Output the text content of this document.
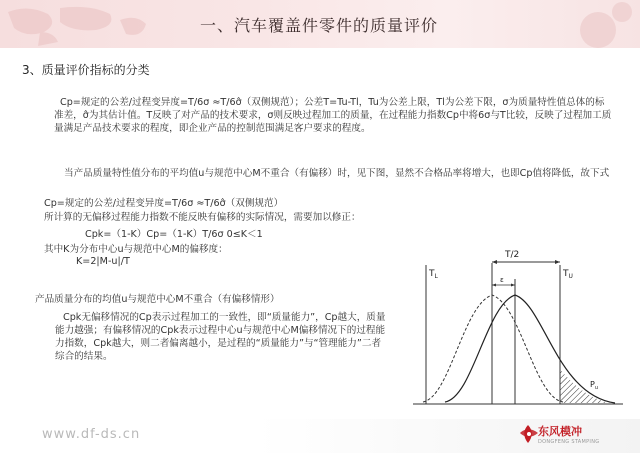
一、汽车覆盖件零件的质量评价
3、质量评价指标的分类
Cp=规定的公差/过程变异度=T/6σ ≈T/6σ̂（双侧规范）；公差T=Tu-Tl，Tu为公差上限，Tl为公差下限，σ为质量特性值总体的标准差，σ̂为其估计值。T反映了对产品的技术要求，σ则反映过程加工的质量，在过程能力指数Cp中将6σ与T比较，反映了过程加工质量满足产品技术要求的程度，即企业产品的控制范围满足客户要求的程度。
当产品质量特性值分布的平均值u与规范中心M不重合（有偏移）时，见下图，显然不合格品率将增大，也即Cp值将降低，故下式
Cp=规定的公差/过程变异度=T/6σ ≈T/6σ̂（双侧规范）
所计算的无偏移过程能力指数不能反映有偏移的实际情况，需要加以修正：
Cpk=（1-K）Cp=（1-K）T/6σ 0≤K＜1
其中K为分布中心u与规范中心M的偏移度：
K=2|M-u|/T
产品质量分布的均值u与规范中心M不重合（有偏移情形）
Cpk无偏移情况的Cp表示过程加工的一致性，即“质量能力”，Cp越大，质量能力越强；有偏移情况的Cpk表示过程中心u与规范中心M偏移情况下的过程能力指数，Cpk越大，则二者偏离越小，是过程的“质量能力”与“管理能力”二者综合的结果。
T/2
ε
$T_L$	$T_U$
$P_u$
www.df-ds.cn	东风模冲
DONGFENG STAMPING
